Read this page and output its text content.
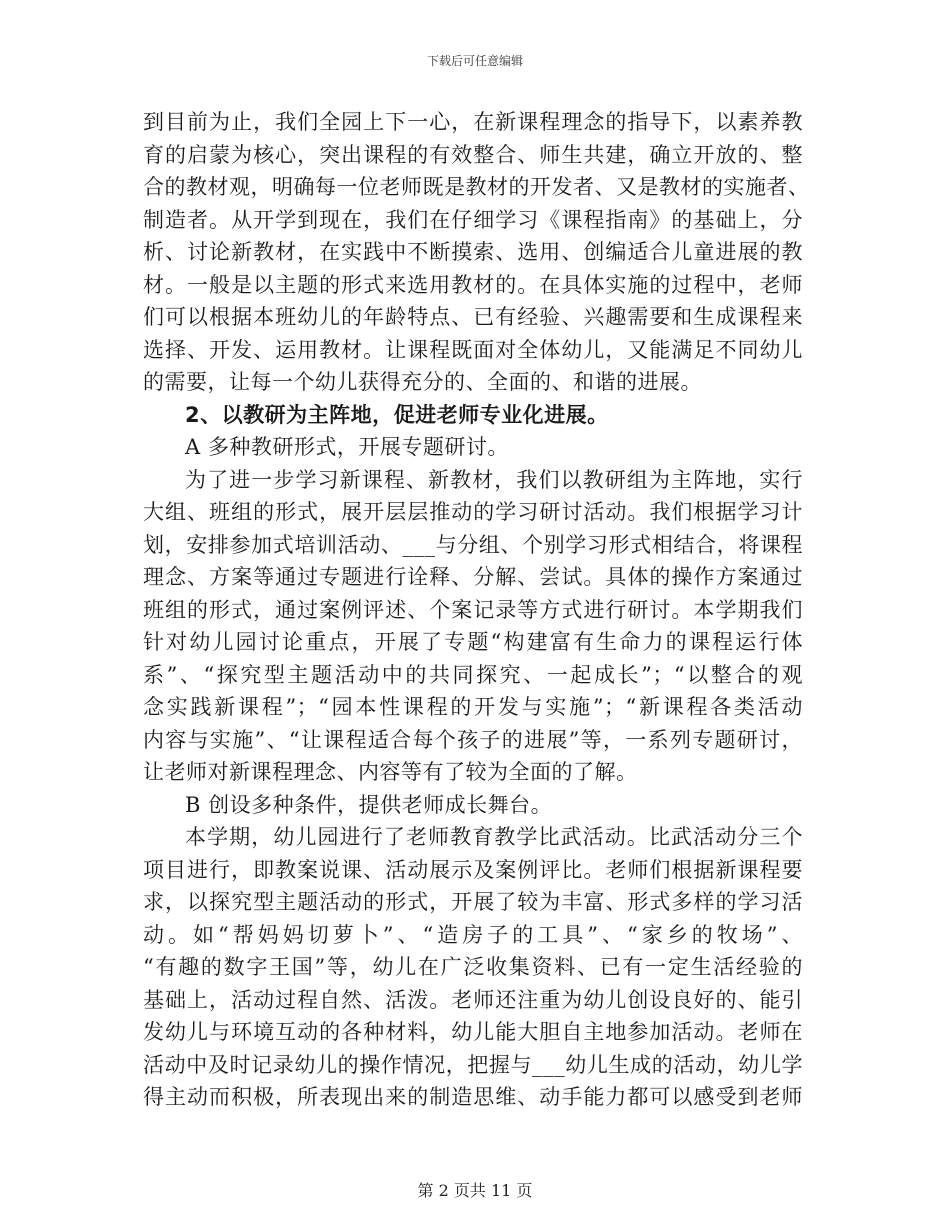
下载后可任意编辑
到目前为止，我们全园上下一心，在新课程理念的指导下，以素养教
育的启蒙为核心，突出课程的有效整合、师生共建，确立开放的、整
合的教材观，明确每一位老师既是教材的开发者、又是教材的实施者、
制造者。从开学到现在，我们在仔细学习《课程指南》的基础上，分
析、讨论新教材，在实践中不断摸索、选用、创编适合儿童进展的教
材。一般是以主题的形式来选用教材的。在具体实施的过程中，老师
们可以根据本班幼儿的年龄特点、已有经验、兴趣需要和生成课程来
选择、开发、运用教材。让课程既面对全体幼儿，又能满足不同幼儿
的需要，让每一个幼儿获得充分的、全面的、和谐的进展。
2、以教研为主阵地，促进老师专业化进展。
A 多种教研形式，开展专题研讨。
为了进一步学习新课程、新教材，我们以教研组为主阵地，实行
大组、班组的形式，展开层层推动的学习研讨活动。我们根据学习计
划，安排参加式培训活动、___与分组、个别学习形式相结合，将课程
理念、方案等通过专题进行诠释、分解、尝试。具体的操作方案通过
班组的形式，通过案例评述、个案记录等方式进行研讨。本学期我们
针对幼儿园讨论重点，开展了专题“构建富有生命力的课程运行体
系”、“探究型主题活动中的共同探究、一起成长”；“以整合的观
念实践新课程”；“园本性课程的开发与实施”；“新课程各类活动
内容与实施”、“让课程适合每个孩子的进展”等，一系列专题研讨，
让老师对新课程理念、内容等有了较为全面的了解。
B 创设多种条件，提供老师成长舞台。
本学期，幼儿园进行了老师教育教学比武活动。比武活动分三个
项目进行，即教案说课、活动展示及案例评比。老师们根据新课程要
求，以探究型主题活动的形式，开展了较为丰富、形式多样的学习活
动。如“帮妈妈切萝卜”、“造房子的工具”、“家乡的牧场”、
“有趣的数字王国”等，幼儿在广泛收集资料、已有一定生活经验的
基础上，活动过程自然、活泼。老师还注重为幼儿创设良好的、能引
发幼儿与环境互动的各种材料，幼儿能大胆自主地参加活动。老师在
活动中及时记录幼儿的操作情况，把握与___幼儿生成的活动，幼儿学
得主动而积极，所表现出来的制造思维、动手能力都可以感受到老师
第 2 页共 11 页
